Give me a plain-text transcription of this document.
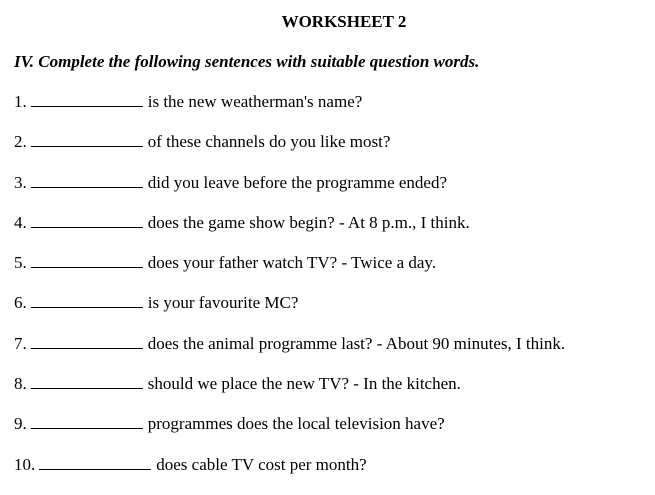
WORKSHEET 2

IV. Complete the following sentences with suitable question words.

1.	is the new weatherman's name?
2.	of these channels do you like most?
3.	did you leave before the programme ended?
4.	does the game show begin? - At 8 p.m., I think.
5.	does your father watch TV? - Twice a day.
6.	is your favourite MC?
7.	does the animal programme last? - About 90 minutes, I think.
8.	should we place the new TV? - In the kitchen.
9.	programmes does the local television have?
10.	does cable TV cost per month?
